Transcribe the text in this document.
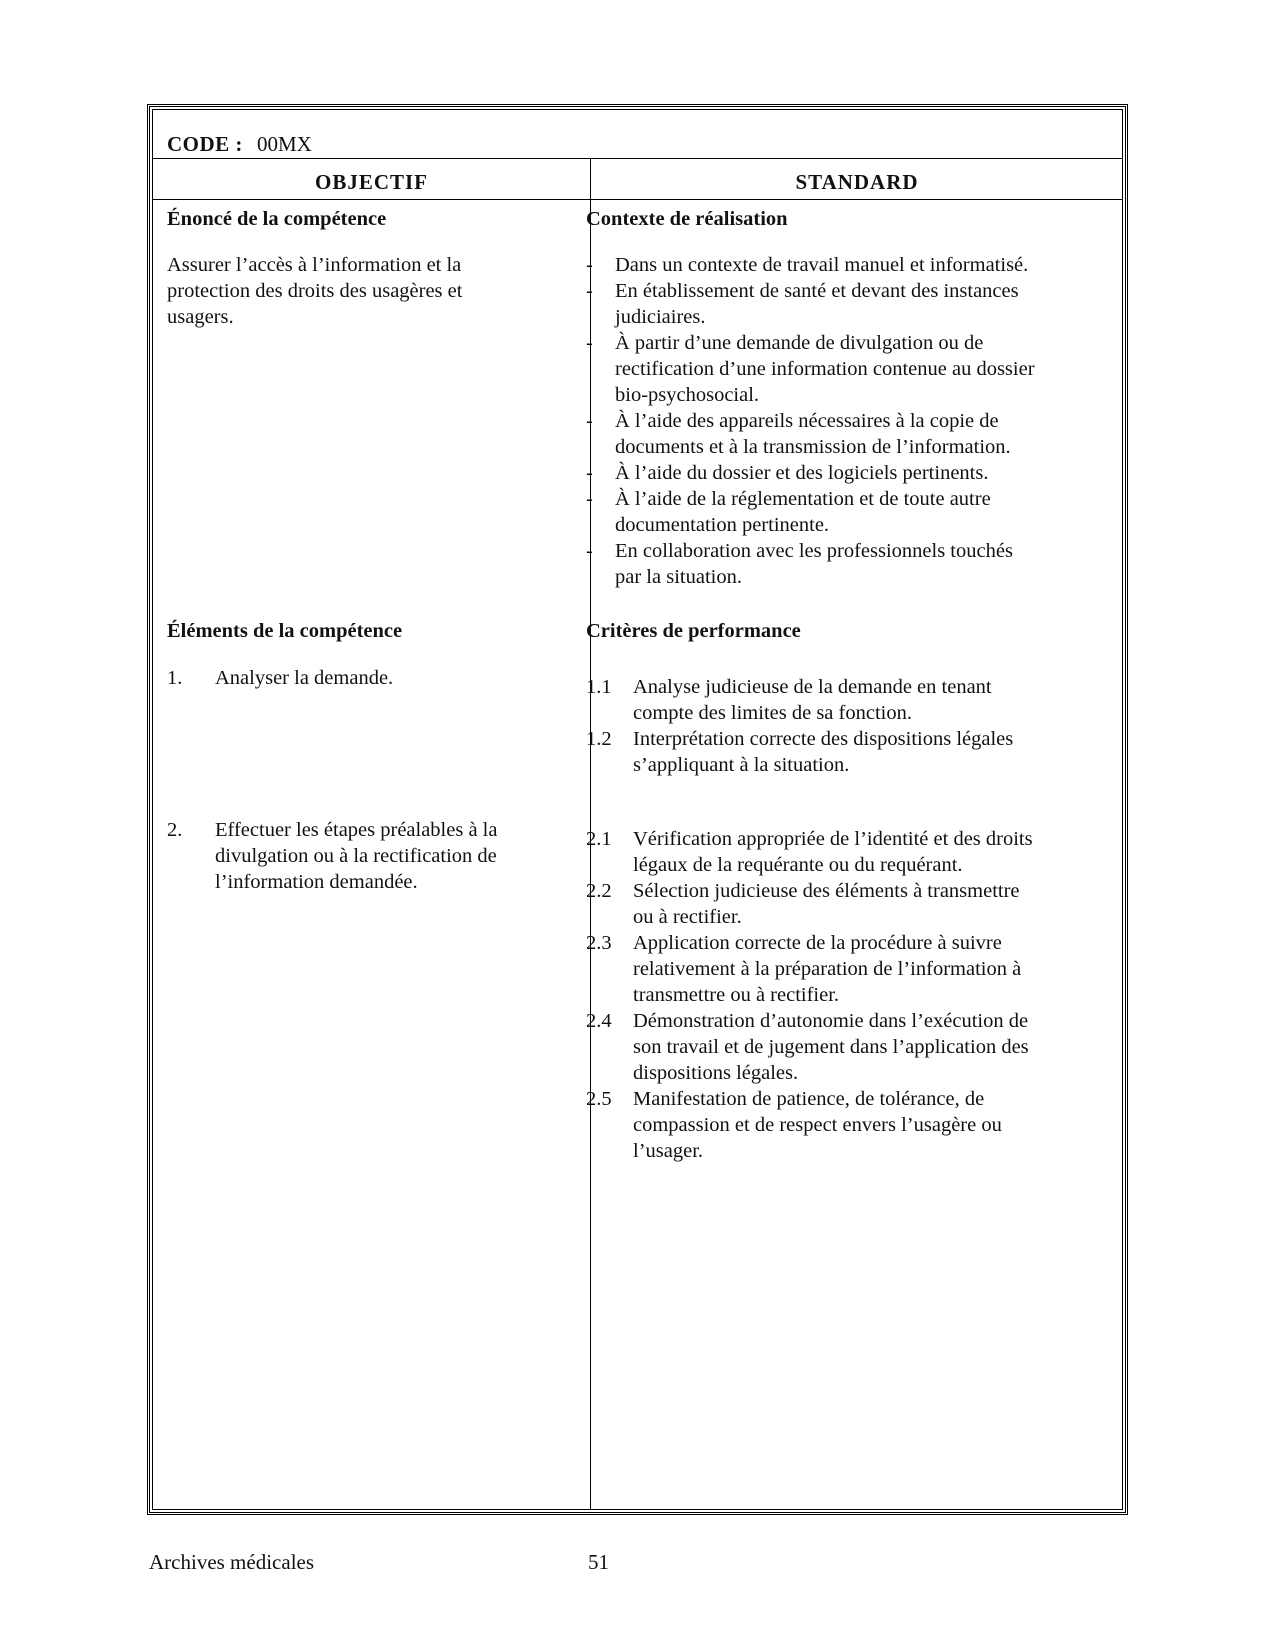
CODE : 00MX
OBJECTIF	STANDARD
Énoncé de la compétence
Assurer l’accès à l’information et la
protection des droits des usagères et
usagers.
Éléments de la compétence
1. Analyser la demande.
2. Effectuer les étapes préalables à la
divulgation ou à la rectification de
l’information demandée.
Contexte de réalisation
- Dans un contexte de travail manuel et informatisé.
- En établissement de santé et devant des instances
judiciaires.
- À partir d’une demande de divulgation ou de
rectification d’une information contenue au dossier
bio-psychosocial.
- À l’aide des appareils nécessaires à la copie de
documents et à la transmission de l’information.
- À l’aide du dossier et des logiciels pertinents.
- À l’aide de la réglementation et de toute autre
documentation pertinente.
- En collaboration avec les professionnels touchés
par la situation.
Critères de performance
1.1 Analyse judicieuse de la demande en tenant
compte des limites de sa fonction.
1.2 Interprétation correcte des dispositions légales
s’appliquant à la situation.
2.1 Vérification appropriée de l’identité et des droits
légaux de la requérante ou du requérant.
2.2 Sélection judicieuse des éléments à transmettre
ou à rectifier.
2.3 Application correcte de la procédure à suivre
relativement à la préparation de l’information à
transmettre ou à rectifier.
2.4 Démonstration d’autonomie dans l’exécution de
son travail et de jugement dans l’application des
dispositions légales.
2.5 Manifestation de patience, de tolérance, de
compassion et de respect envers l’usagère ou
l’usager.
Archives médicales	51
